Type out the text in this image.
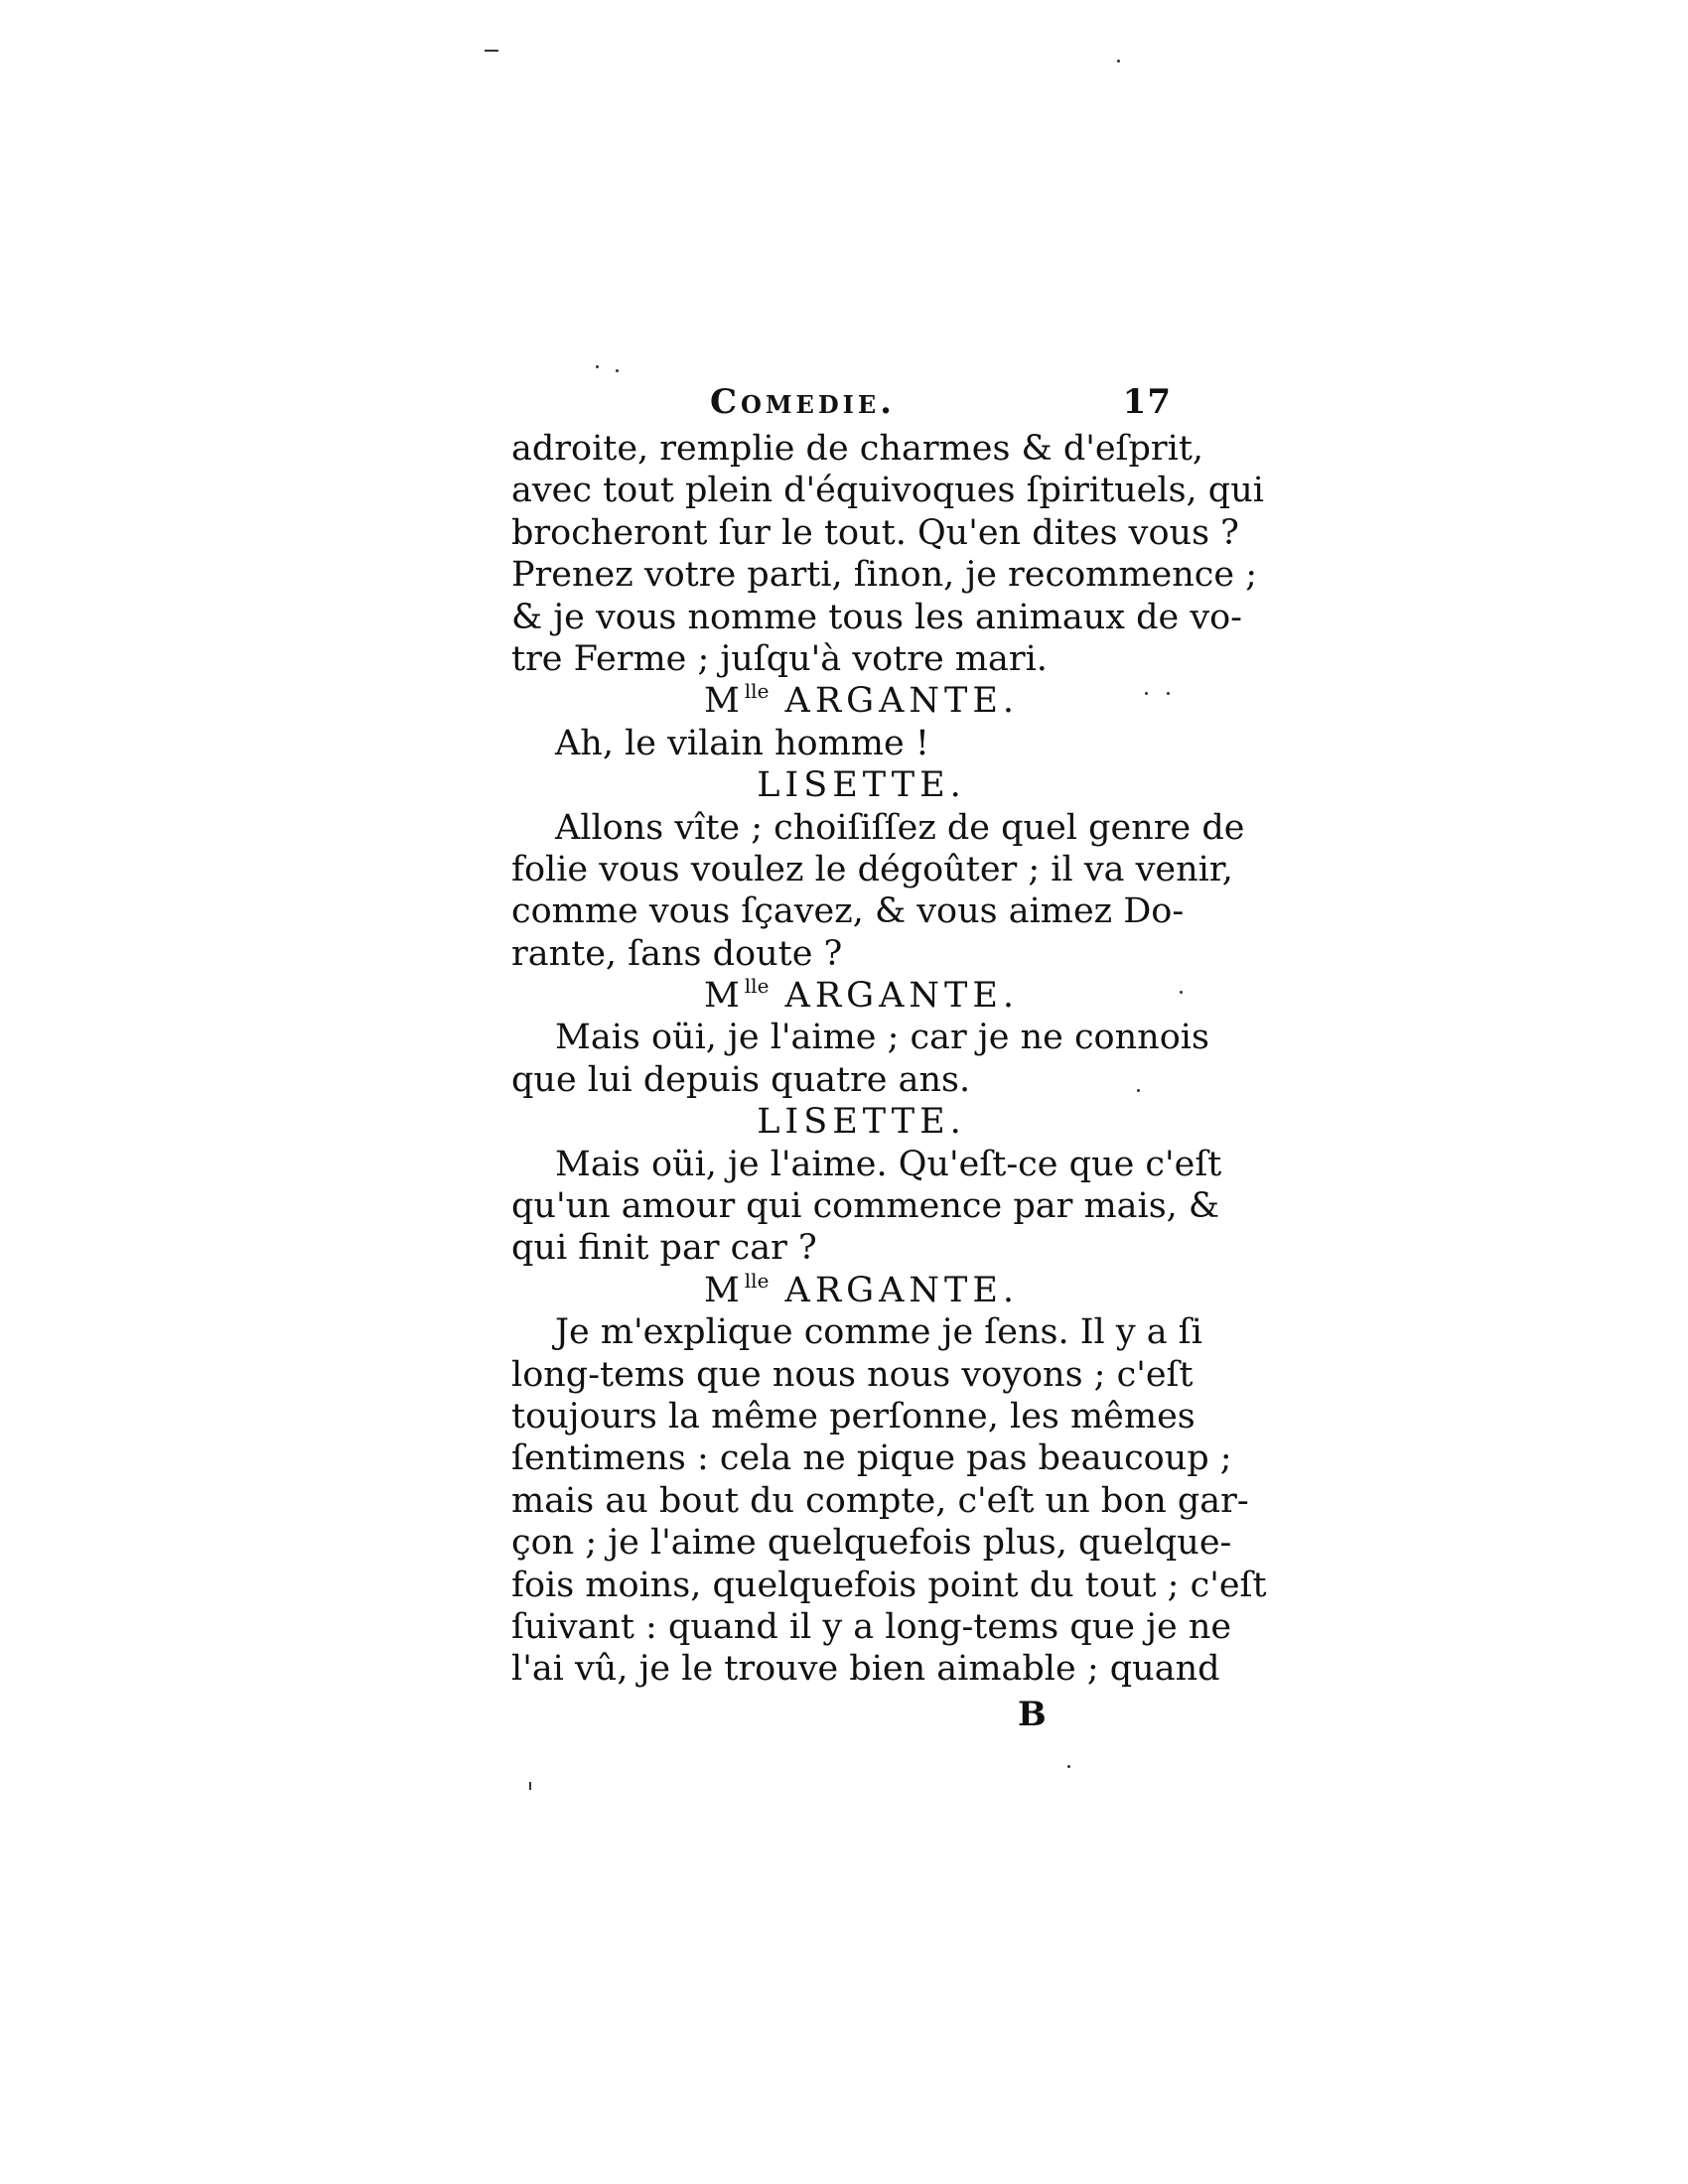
Comedie.	17
adroite, remplie de charmes & d'eſprit,
avec tout plein d'équivoques ſpirituels, qui
brocheront ſur le tout. Qu'en dites vous ?
Prenez votre parti, ſinon, je recommence ;
& je vous nomme tous les animaux de vo-
tre Ferme ; juſqu'à votre mari.
$M^{lle}$ ARGANTE.
Ah, le vilain homme !
LISETTE.
Allons vîte ; choiſiſſez de quel genre de
folie vous voulez le dégoûter ; il va venir,
comme vous ſçavez, & vous aimez Do-
rante, ſans doute ?
$M^{lle}$ ARGANTE.
Mais oüi, je l'aime ; car je ne connois
que lui depuis quatre ans.
LISETTE.
Mais oüi, je l'aime. Qu'eſt-ce que c'eſt
qu'un amour qui commence par mais, &
qui finit par car ?
$M^{lle}$ ARGANTE.
Je m'explique comme je ſens. Il y a ſi
long-tems que nous nous voyons ; c'eſt
toujours la même perſonne, les mêmes
ſentimens : cela ne pique pas beaucoup ;
mais au bout du compte, c'eſt un bon gar-
çon ; je l'aime quelquefois plus, quelque-
fois moins, quelquefois point du tout ; c'eſt
ſuivant : quand il y a long-tems que je ne
l'ai vû, je le trouve bien aimable ; quand
B
